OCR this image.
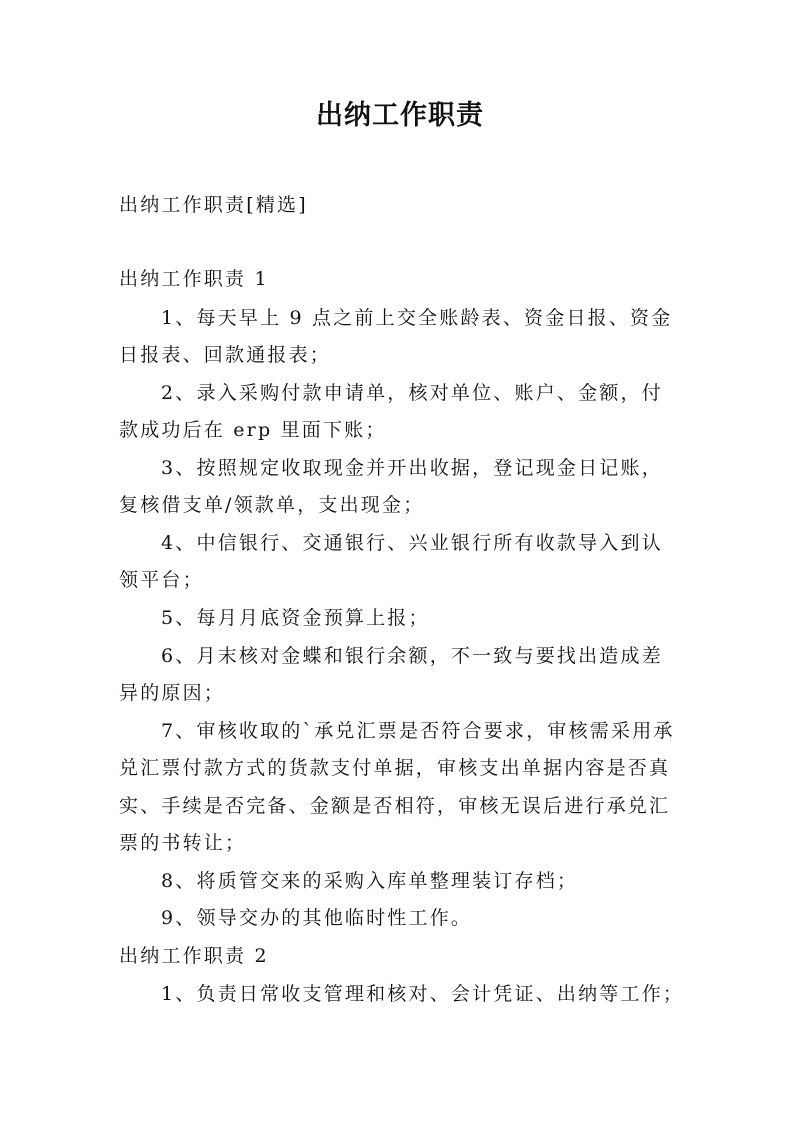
出纳工作职责
出纳工作职责[精选]
出纳工作职责 1
1、每天早上 9 点之前上交全账龄表、资金日报、资金
日报表、回款通报表；
2、录入采购付款申请单，核对单位、账户、金额，付
款成功后在 erp 里面下账；
3、按照规定收取现金并开出收据，登记现金日记账，
复核借支单/领款单，支出现金；
4、中信银行、交通银行、兴业银行所有收款导入到认
领平台；
5、每月月底资金预算上报；
6、月末核对金蝶和银行余额，不一致与要找出造成差
异的原因；
7、审核收取的`承兑汇票是否符合要求，审核需采用承
兑汇票付款方式的货款支付单据，审核支出单据内容是否真
实、手续是否完备、金额是否相符，审核无误后进行承兑汇
票的书转让；
8、将质管交来的采购入库单整理装订存档；
9、领导交办的其他临时性工作。
出纳工作职责 2
1、负责日常收支管理和核对、会计凭证、出纳等工作；
